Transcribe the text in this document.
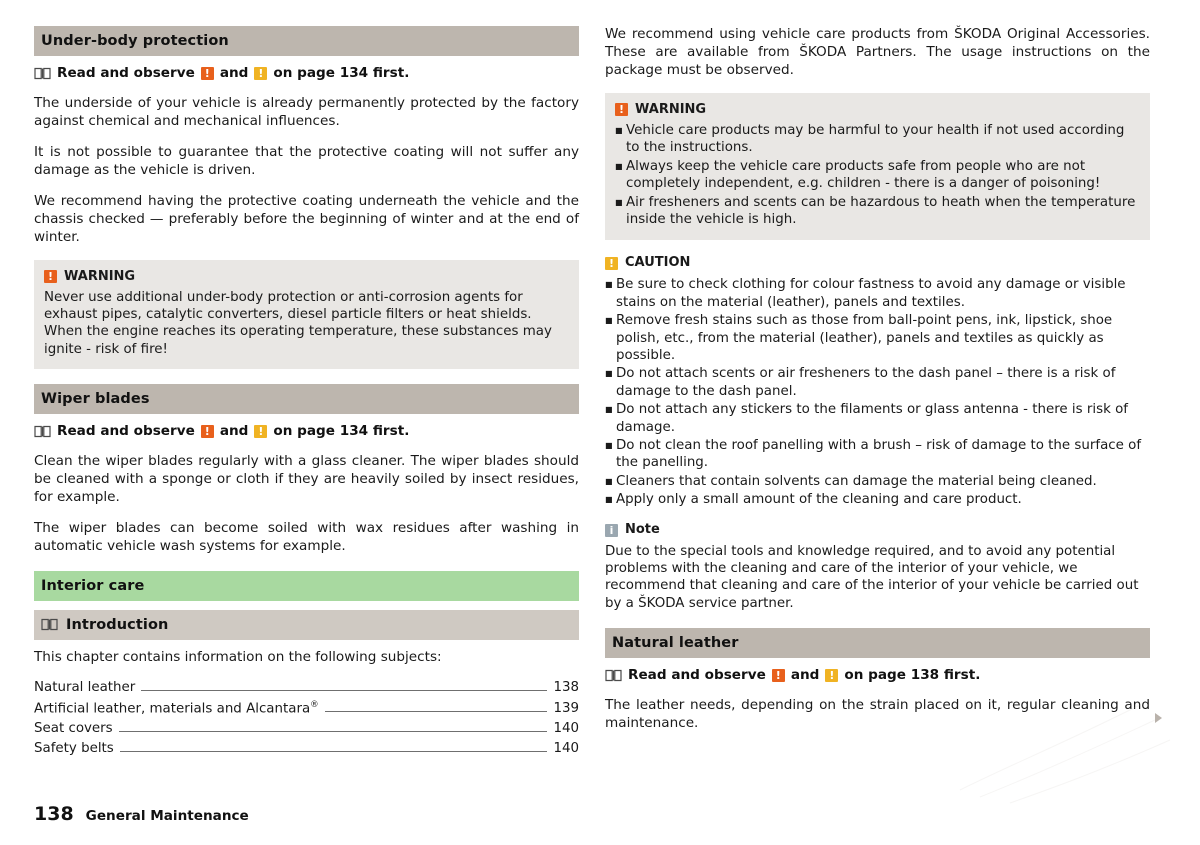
Under-body protection
Read and observe ! and ! on page 134 first.

The underside of your vehicle is already permanently protected by the factory against chemical and mechanical influences.

It is not possible to guarantee that the protective coating will not suffer any damage as the vehicle is driven.

We recommend having the protective coating underneath the vehicle and the chassis checked — preferably before the beginning of winter and at the end of winter.

! WARNING
Never use additional under-body protection or anti-corrosion agents for exhaust pipes, catalytic converters, diesel particle filters or heat shields. When the engine reaches its operating temperature, these substances may ignite - risk of fire!
Wiper blades
Read and observe ! and ! on page 134 first.

Clean the wiper blades regularly with a glass cleaner. The wiper blades should be cleaned with a sponge or cloth if they are heavily soiled by insect residues, for example.

The wiper blades can become soiled with wax residues after washing in automatic vehicle wash systems for example.

Interior care
Introduction

This chapter contains information on the following subjects:

Natural leather	138
Artificial leather, materials and Alcantara®	139
Seat covers	140
Safety belts	140

We recommend using vehicle care products from ŠKODA Original Accessories. These are available from ŠKODA Partners. The usage instructions on the package must be observed.

! WARNING
■ Vehicle care products may be harmful to your health if not used according to the instructions.
■ Always keep the vehicle care products safe from people who are not completely independent, e.g. children - there is a danger of poisoning!
■ Air fresheners and scents can be hazardous to heath when the temperature inside the vehicle is high.
! CAUTION
■ Be sure to check clothing for colour fastness to avoid any damage or visible stains on the material (leather), panels and textiles.
■ Remove fresh stains such as those from ball-point pens, ink, lipstick, shoe polish, etc., from the material (leather), panels and textiles as quickly as possible.
■ Do not attach scents or air fresheners to the dash panel – there is a risk of damage to the dash panel.
■ Do not attach any stickers to the filaments or glass antenna - there is risk of damage.
■ Do not clean the roof panelling with a brush – risk of damage to the surface of the panelling.
■ Cleaners that contain solvents can damage the material being cleaned.
■ Apply only a small amount of the cleaning and care product.
i Note
Due to the special tools and knowledge required, and to avoid any potential problems with the cleaning and care of the interior of your vehicle, we recommend that cleaning and care of the interior of your vehicle be carried out by a ŠKODA service partner.
Natural leather
Read and observe ! and ! on page 138 first.

The leather needs, depending on the strain placed on it, regular cleaning and maintenance.

138 General Maintenance
